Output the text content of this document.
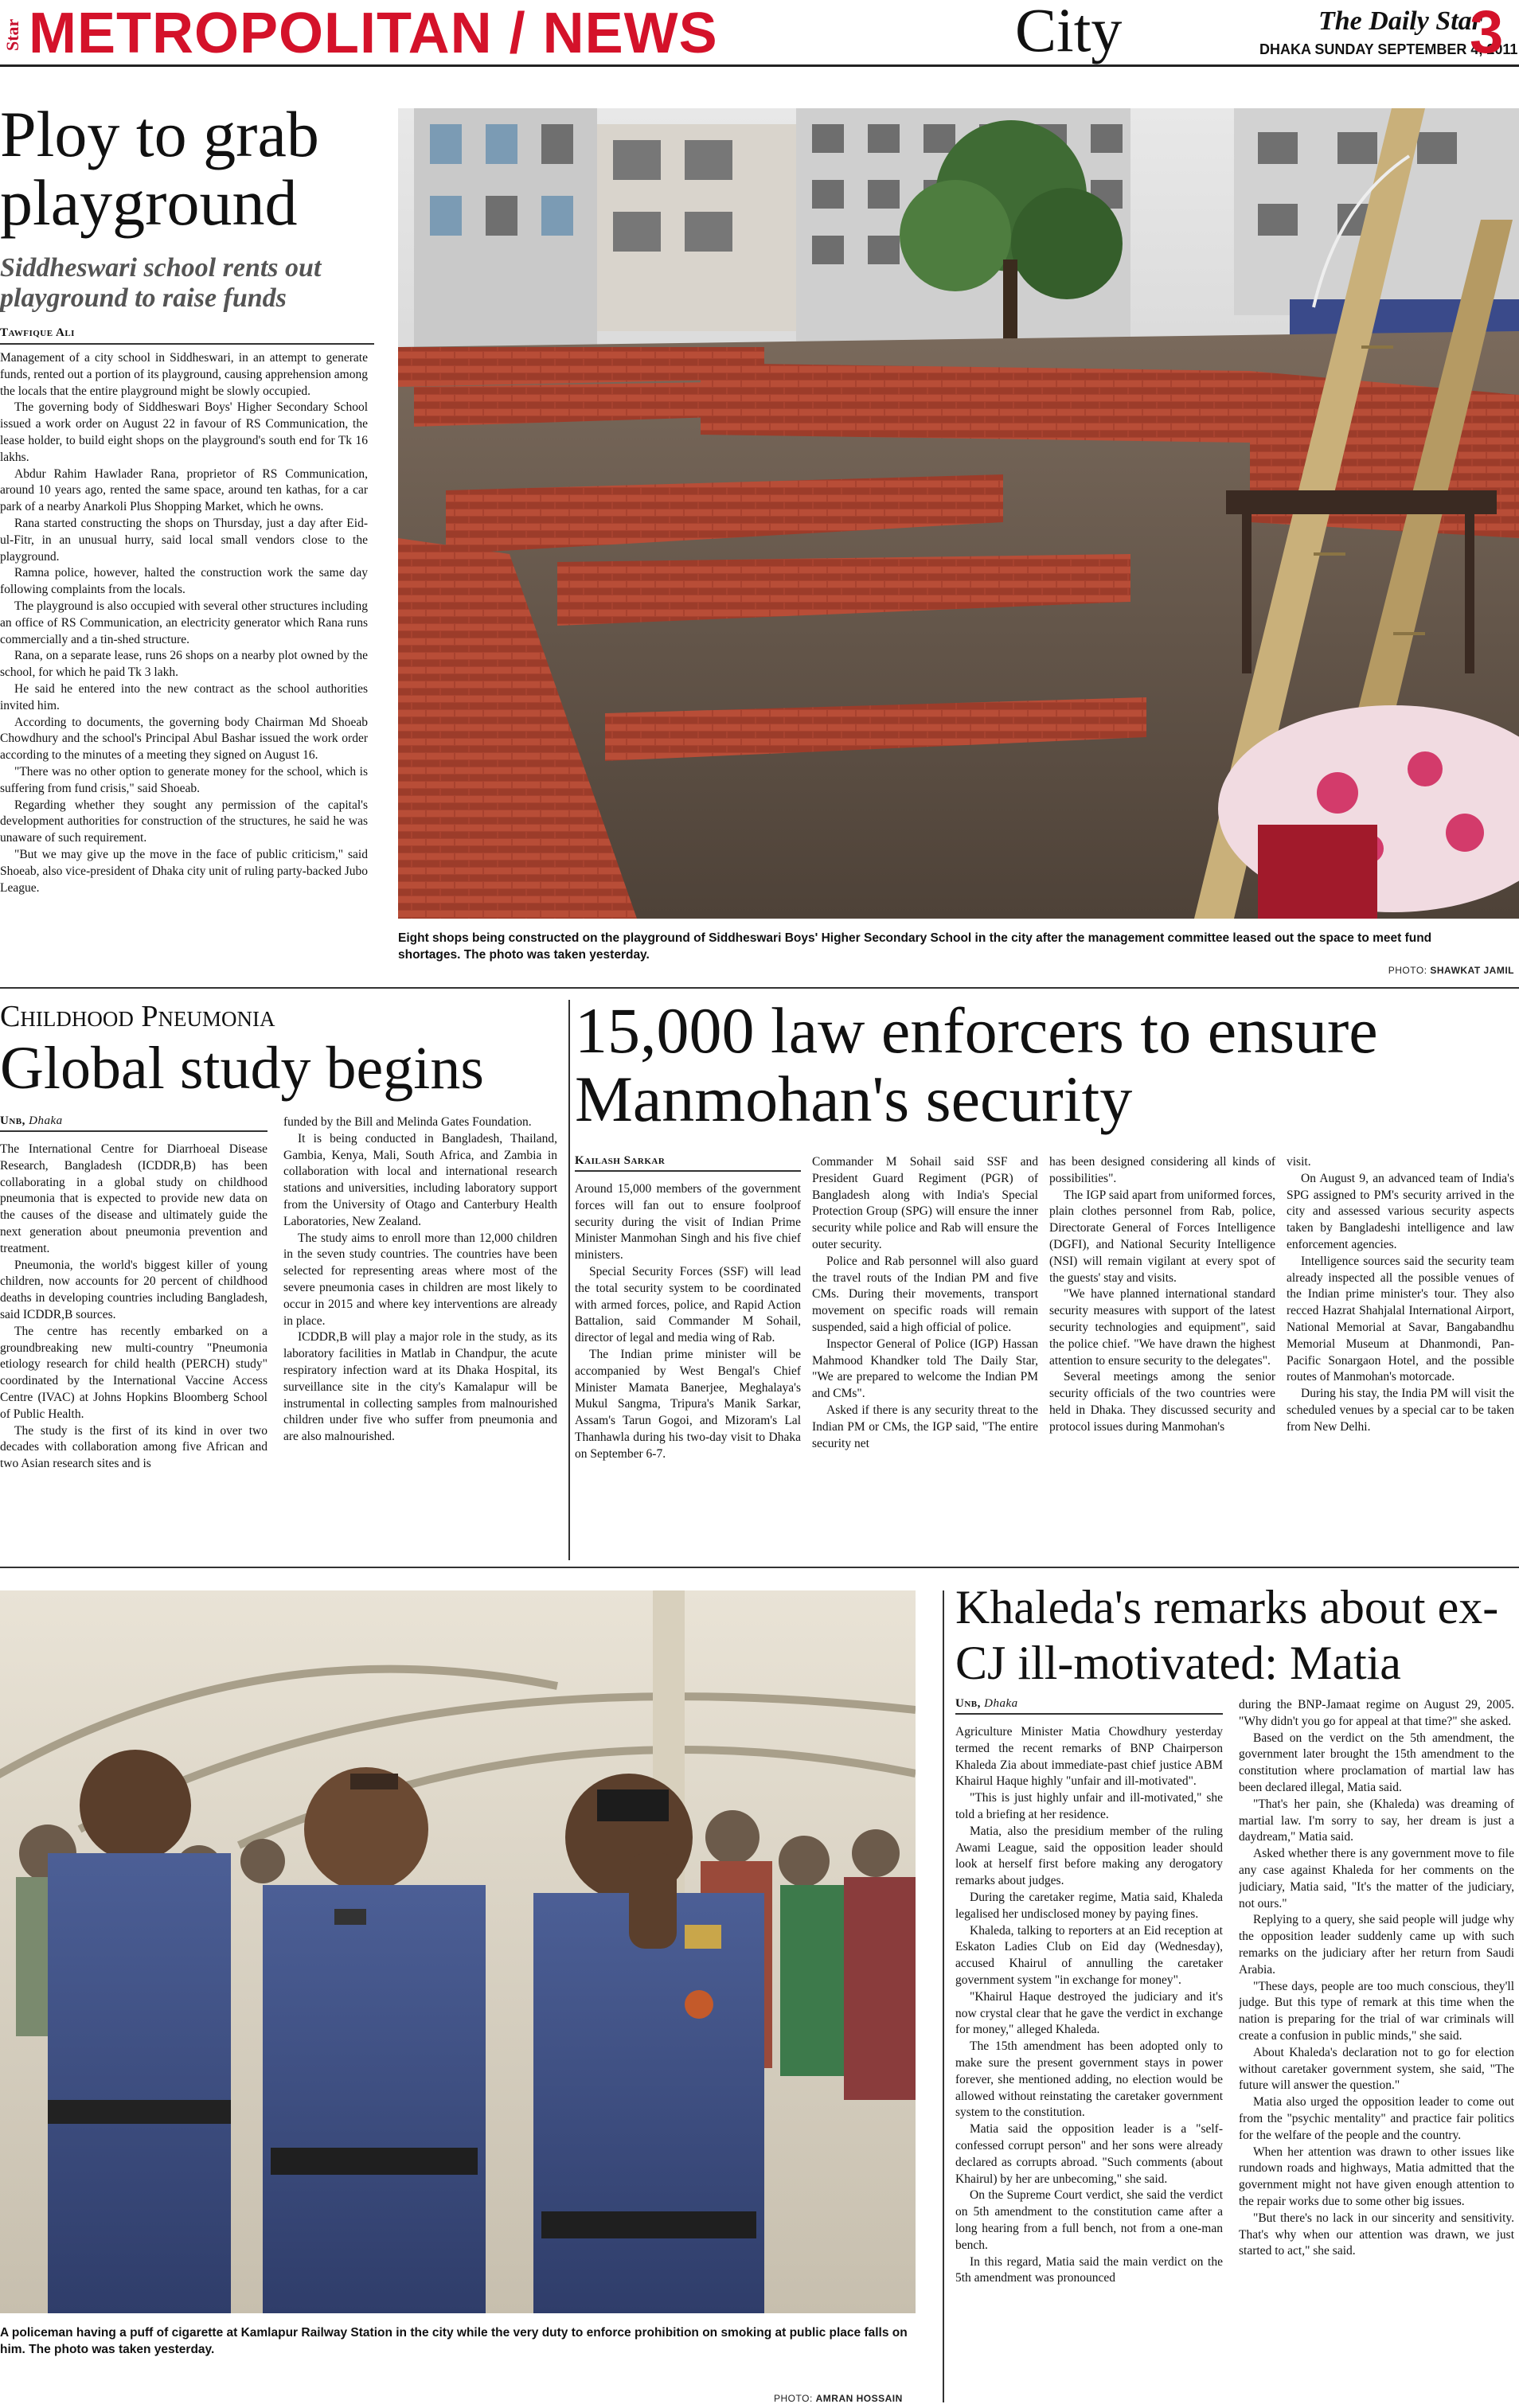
Star METROPOLITAN / NEWS	City	The Daily Star
DHAKA SUNDAY SEPTEMBER 4, 2011
3
Ploy to grab playground
Siddheswari school rents out playground to raise funds
Tawfique Ali

Management of a city school in Siddheswari, in an attempt to generate funds, rented out a portion of its playground, causing apprehension among the locals that the entire playground might be slowly occupied.

The governing body of Siddheswari Boys' Higher Secondary School issued a work order on August 22 in favour of RS Communication, the lease holder, to build eight shops on the playground's south end for Tk 16 lakhs.

Abdur Rahim Hawlader Rana, proprietor of RS Communication, around 10 years ago, rented the same space, around ten kathas, for a car park of a nearby Anarkoli Plus Shopping Market, which he owns.

Rana started constructing the shops on Thursday, just a day after Eid-ul-Fitr, in an unusual hurry, said local small vendors close to the playground.

Ramna police, however, halted the construction work the same day following complaints from the locals.

The playground is also occupied with several other structures including an office of RS Communication, an electricity generator which Rana runs commercially and a tin-shed structure.

Rana, on a separate lease, runs 26 shops on a nearby plot owned by the school, for which he paid Tk 3 lakh.

He said he entered into the new contract as the school authorities invited him.

According to documents, the governing body Chairman Md Shoeab Chowdhury and the school's Principal Abul Bashar issued the work order according to the minutes of a meeting they signed on August 16.

"There was no other option to generate money for the school, which is suffering from fund crisis," said Shoeab.

Regarding whether they sought any permission of the capital's development authorities for construction of the structures, he said he was unaware of such requirement.

"But we may give up the move in the face of public criticism," said Shoeab, also vice-president of Dhaka city unit of ruling party-backed Jubo League.

Eight shops being constructed on the playground of Siddheswari Boys' Higher Secondary School in the city after the management committee leased out the space to meet fund shortages. The photo was taken yesterday.
PHOTO: SHAWKAT JAMIL
Childhood Pneumonia
Global study begins
Unb, Dhaka

The International Centre for Diarrhoeal Disease Research, Bangladesh (ICDDR,B) has been collaborating in a global study on childhood pneumonia that is expected to provide new data on the causes of the disease and ultimately guide the next generation about pneumonia prevention and treatment.

Pneumonia, the world's biggest killer of young children, now accounts for 20 percent of childhood deaths in developing countries including Bangladesh, said ICDDR,B sources.

The centre has recently embarked on a groundbreaking new multi-country "Pneumonia etiology research for child health (PERCH) study" coordinated by the International Vaccine Access Centre (IVAC) at Johns Hopkins Bloomberg School of Public Health.

The study is the first of its kind in over two decades with collaboration among five African and two Asian research sites and is

funded by the Bill and Melinda Gates Foundation.

It is being conducted in Bangladesh, Thailand, Gambia, Kenya, Mali, South Africa, and Zambia in collaboration with local and international research stations and universities, including laboratory support from the University of Otago and Canterbury Health Laboratories, New Zealand.

The study aims to enroll more than 12,000 children in the seven study countries. The countries have been selected for representing areas where most of the severe pneumonia cases in children are most likely to occur in 2015 and where key interventions are already in place.

ICDDR,B will play a major role in the study, as its laboratory facilities in Matlab in Chandpur, the acute respiratory infection ward at its Dhaka Hospital, its surveillance site in the city's Kamalapur will be instrumental in collecting samples from malnourished children under five who suffer from pneumonia and are also malnourished.

15,000 law enforcers to ensure Manmohan's security
Kailash Sarkar

Around 15,000 members of the government forces will fan out to ensure foolproof security during the visit of Indian Prime Minister Manmohan Singh and his five chief ministers.

Special Security Forces (SSF) will lead the total security system to be coordinated with armed forces, police, and Rapid Action Battalion, said Commander M Sohail, director of legal and media wing of Rab.

The Indian prime minister will be accompanied by West Bengal's Chief Minister Mamata Banerjee, Meghalaya's Mukul Sangma, Tripura's Manik Sarkar, Assam's Tarun Gogoi, and Mizoram's Lal Thanhawla during his two-day visit to Dhaka on September 6-7.

Commander M Sohail said SSF and President Guard Regiment (PGR) of Bangladesh along with India's Special Protection Group (SPG) will ensure the inner security while police and Rab will ensure the outer security.

Police and Rab personnel will also guard the travel routs of the Indian PM and five CMs. During their movements, transport movement on specific roads will remain suspended, said a high official of police.

Inspector General of Police (IGP) Hassan Mahmood Khandker told The Daily Star, "We are prepared to welcome the Indian PM and CMs".

Asked if there is any security threat to the Indian PM or CMs, the IGP said, "The entire security net

has been designed considering all kinds of possibilities".

The IGP said apart from uniformed forces, plain clothes personnel from Rab, police, Directorate General of Forces Intelligence (DGFI), and National Security Intelligence (NSI) will remain vigilant at every spot of the guests' stay and visits.

"We have planned international standard security measures with support of the latest security technologies and equipment", said the police chief. "We have drawn the highest attention to ensure security to the delegates".

Several meetings among the senior security officials of the two countries were held in Dhaka. They discussed security and protocol issues during Manmohan's

visit.

On August 9, an advanced team of India's SPG assigned to PM's security arrived in the city and assessed various security aspects taken by Bangladeshi intelligence and law enforcement agencies.

Intelligence sources said the security team already inspected all the possible venues of the Indian prime minister's tour. They also recced Hazrat Shahjalal International Airport, National Memorial at Savar, Bangabandhu Memorial Museum at Dhanmondi, Pan-Pacific Sonargaon Hotel, and the possible routes of Manmohan's motorcade.

During his stay, the India PM will visit the scheduled venues by a special car to be taken from New Delhi.

A policeman having a puff of cigarette at Kamlapur Railway Station in the city while the very duty to enforce prohibition on smoking at public place falls on him. The photo was taken yesterday.
PHOTO: AMRAN HOSSAIN
Khaleda's remarks about ex-CJ ill-motivated: Matia
Unb, Dhaka

Agriculture Minister Matia Chowdhury yesterday termed the recent remarks of BNP Chairperson Khaleda Zia about immediate-past chief justice ABM Khairul Haque highly "unfair and ill-motivated".

"This is just highly unfair and ill-motivated," she told a briefing at her residence.

Matia, also the presidium member of the ruling Awami League, said the opposition leader should look at herself first before making any derogatory remarks about judges.

During the caretaker regime, Matia said, Khaleda legalised her undisclosed money by paying fines.

Khaleda, talking to reporters at an Eid reception at Eskaton Ladies Club on Eid day (Wednesday), accused Khairul of annulling the caretaker government system "in exchange for money".

"Khairul Haque destroyed the judiciary and it's now crystal clear that he gave the verdict in exchange for money," alleged Khaleda.

The 15th amendment has been adopted only to make sure the present government stays in power forever, she mentioned adding, no election would be allowed without reinstating the caretaker government system to the constitution.

Matia said the opposition leader is a "self-confessed corrupt person" and her sons were already declared as corrupts abroad. "Such comments (about Khairul) by her are unbecoming," she said.

On the Supreme Court verdict, she said the verdict on 5th amendment to the constitution came after a long hearing from a full bench, not from a one-man bench.

In this regard, Matia said the main verdict on the 5th amendment was pronounced

during the BNP-Jamaat regime on August 29, 2005. "Why didn't you go for appeal at that time?" she asked.

Based on the verdict on the 5th amendment, the government later brought the 15th amendment to the constitution where proclamation of martial law has been declared illegal, Matia said.

"That's her pain, she (Khaleda) was dreaming of martial law. I'm sorry to say, her dream is just a daydream," Matia said.

Asked whether there is any government move to file any case against Khaleda for her comments on the judiciary, Matia said, "It's the matter of the judiciary, not ours."

Replying to a query, she said people will judge why the opposition leader suddenly came up with such remarks on the judiciary after her return from Saudi Arabia.

"These days, people are too much conscious, they'll judge. But this type of remark at this time when the nation is preparing for the trial of war criminals will create a confusion in public minds," she said.

About Khaleda's declaration not to go for election without caretaker government system, she said, "The future will answer the question."

Matia also urged the opposition leader to come out from the "psychic mentality" and practice fair politics for the welfare of the people and the country.

When her attention was drawn to other issues like rundown roads and highways, Matia admitted that the government might not have given enough attention to the repair works due to some other big issues.

"But there's no lack in our sincerity and sensitivity. That's why when our attention was drawn, we just started to act," she said.
